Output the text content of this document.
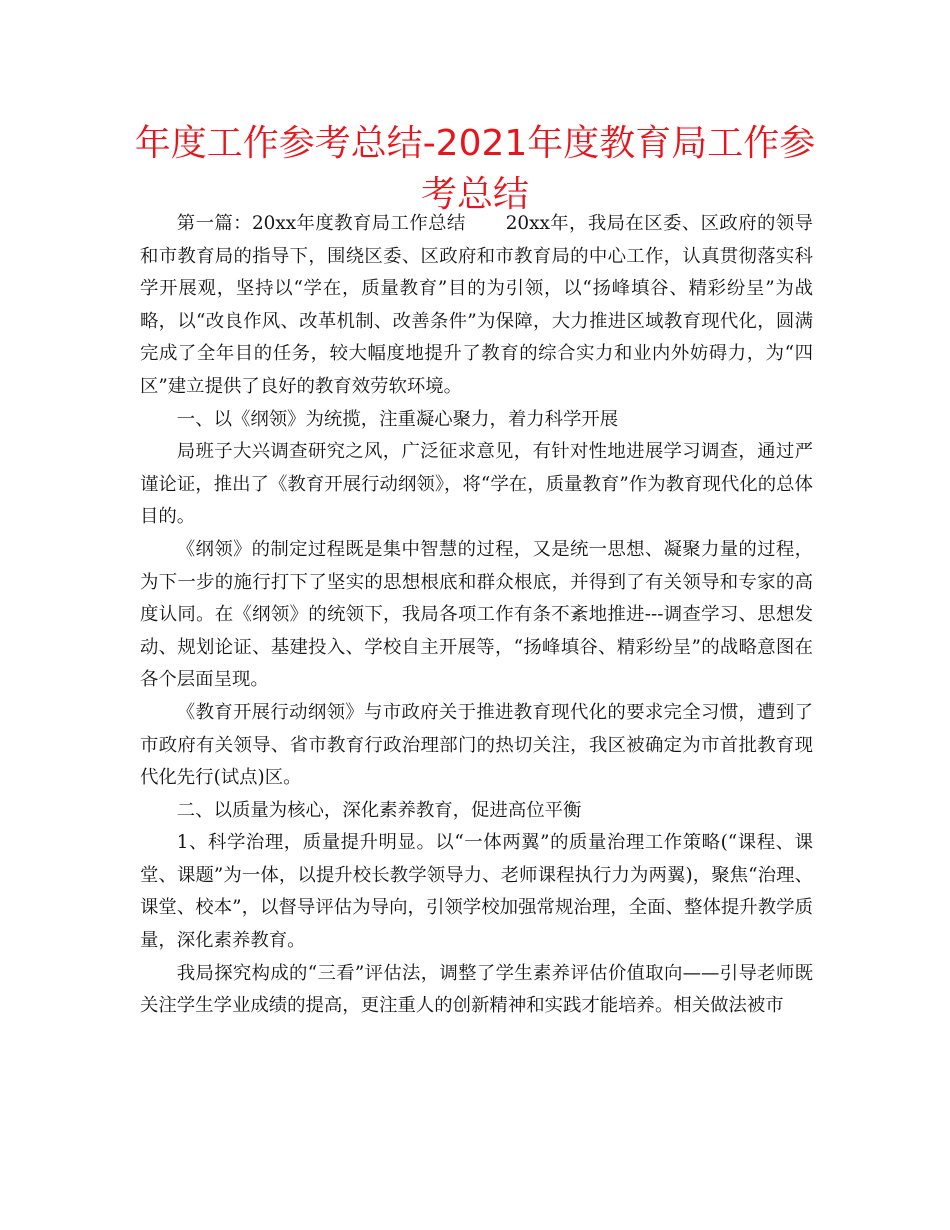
年度工作参考总结-2021年度教育局工作参考总结

第一篇：20xx年度教育局工作总结 20xx年，我局在区委、区政府的领导和市教育局的指导下，围绕区委、区政府和市教育局的中心工作，认真贯彻落实科学开展观，坚持以“学在，质量教育”目的为引领，以“扬峰填谷、精彩纷呈”为战略，以“改良作风、改革机制、改善条件”为保障，大力推进区域教育现代化，圆满完成了全年目的任务，较大幅度地提升了教育的综合实力和业内外妨碍力，为“四区”建立提供了良好的教育效劳软环境。

一、以《纲领》为统揽，注重凝心聚力，着力科学开展

局班子大兴调查研究之风，广泛征求意见，有针对性地进展学习调查，通过严谨论证，推出了《教育开展行动纲领》，将“学在，质量教育”作为教育现代化的总体目的。

《纲领》的制定过程既是集中智慧的过程，又是统一思想、凝聚力量的过程，为下一步的施行打下了坚实的思想根底和群众根底，并得到了有关领导和专家的高度认同。在《纲领》的统领下，我局各项工作有条不紊地推进---调查学习、思想发动、规划论证、基建投入、学校自主开展等，“扬峰填谷、精彩纷呈”的战略意图在各个层面呈现。

《教育开展行动纲领》与市政府关于推进教育现代化的要求完全习惯，遭到了市政府有关领导、省市教育行政治理部门的热切关注，我区被确定为市首批教育现代化先行(试点)区。

二、以质量为核心，深化素养教育，促进高位平衡

1、科学治理，质量提升明显。以“一体两翼”的质量治理工作策略(“课程、课堂、课题”为一体，以提升校长教学领导力、老师课程执行力为两翼)，聚焦“治理、课堂、校本”，以督导评估为导向，引领学校加强常规治理，全面、整体提升教学质量，深化素养教育。

我局探究构成的“三看”评估法，调整了学生素养评估价值取向——引导老师既关注学生学业成绩的提高，更注重人的创新精神和实践才能培养。相关做法被市
